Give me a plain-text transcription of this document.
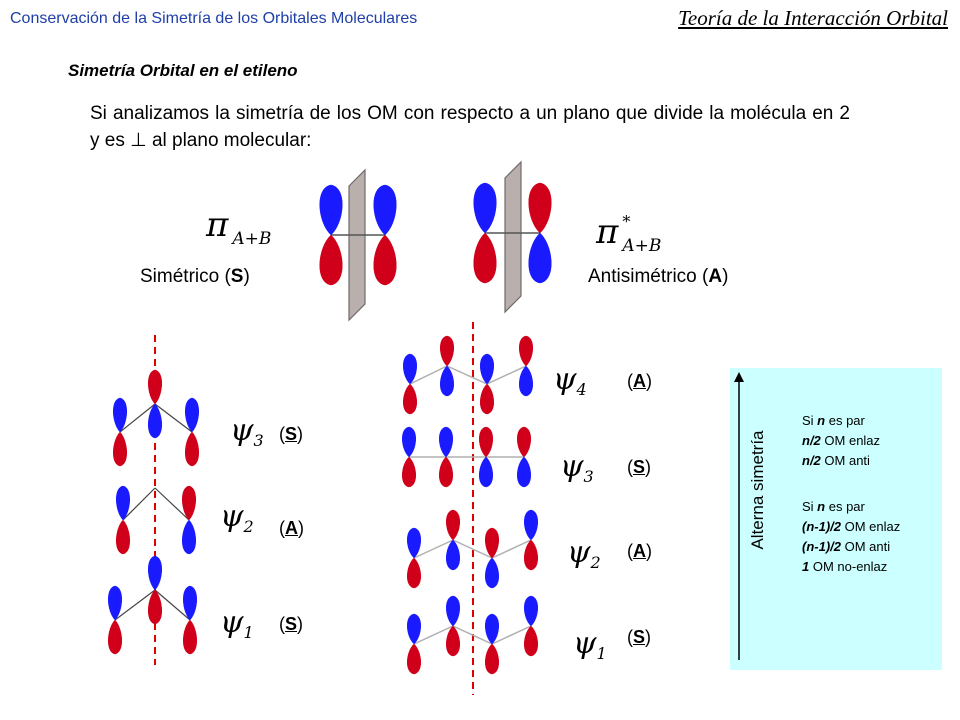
Conservación de la Simetría de los Orbitales Moleculares	Teoría de la Interacción Orbital
Simetría Orbital en el etileno
Si analizamos la simetría de los OM con respecto a un plano que divide la molécula en 2 y es ⊥ al plano molecular:
π A+B	π *A+B
Simétrico (S)	Antisimétrico (A)
ψ3 (S)
ψ2 (A)
ψ1 (S)
ψ4 (A)
ψ3 (S)
ψ2
(A)
ψ1
(S)
Alterna simetría
Si n es par
n/2 OM enlaz
n/2 OM anti
Si n es par
(n-1)/2 OM enlaz
(n-1)/2 OM anti
1 OM no-enlaz
